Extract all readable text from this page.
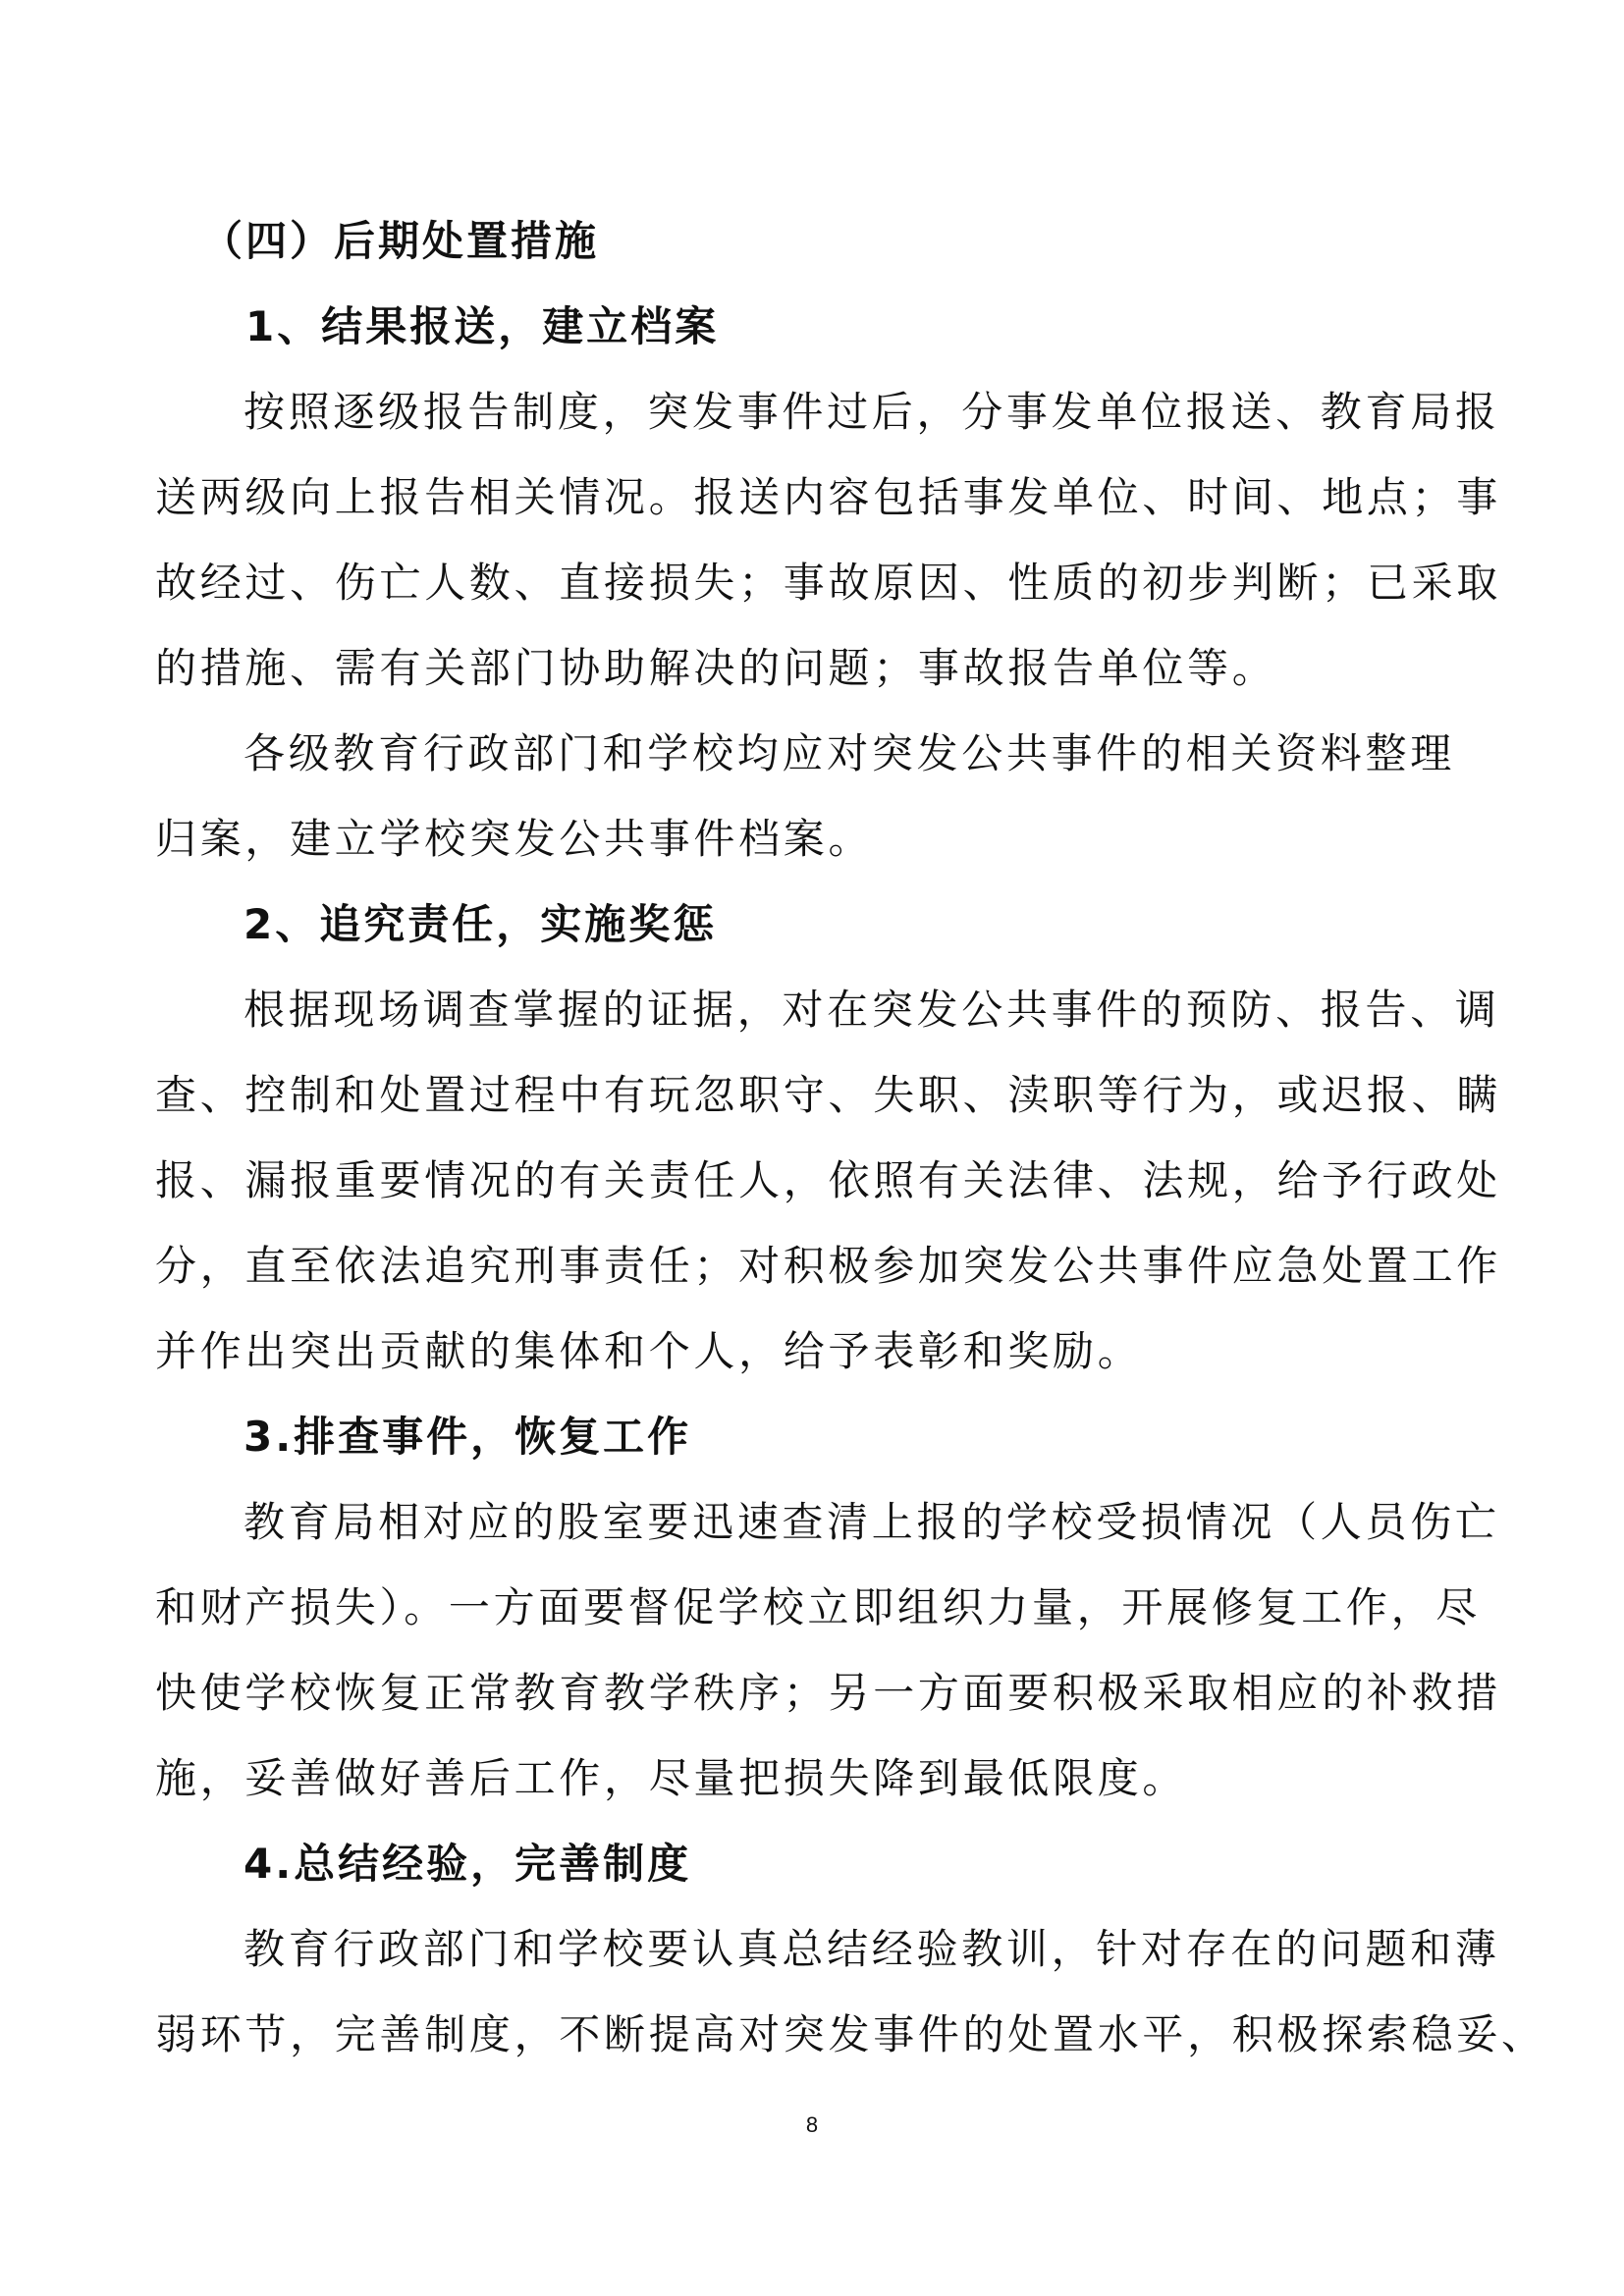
（四）后期处置措施
1、结果报送，建立档案

按照逐级报告制度，突发事件过后，分事发单位报送、教育局报

送两级向上报告相关情况。报送内容包括事发单位、时间、地点；事

故经过、伤亡人数、直接损失；事故原因、性质的初步判断；已采取

的措施、需有关部门协助解决的问题；事故报告单位等。

各级教育行政部门和学校均应对突发公共事件的相关资料整理

归案，建立学校突发公共事件档案。

2、追究责任，实施奖惩

根据现场调查掌握的证据，对在突发公共事件的预防、报告、调

查、控制和处置过程中有玩忽职守、失职、渎职等行为，或迟报、瞒

报、漏报重要情况的有关责任人，依照有关法律、法规，给予行政处

分，直至依法追究刑事责任；对积极参加突发公共事件应急处置工作

并作出突出贡献的集体和个人，给予表彰和奖励。

3.排查事件，恢复工作

教育局相对应的股室要迅速查清上报的学校受损情况（人员伤亡

和财产损失）。一方面要督促学校立即组织力量，开展修复工作，尽

快使学校恢复正常教育教学秩序；另一方面要积极采取相应的补救措

施，妥善做好善后工作，尽量把损失降到最低限度。

4.总结经验，完善制度

教育行政部门和学校要认真总结经验教训，针对存在的问题和薄

弱环节，完善制度，不断提高对突发事件的处置水平，积极探索稳妥、

8
